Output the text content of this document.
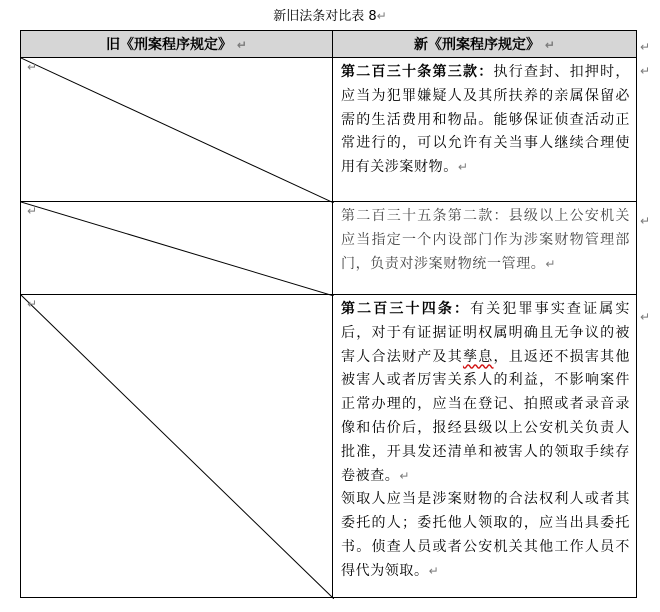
新旧法条对比表 8↵
旧《刑案程序规定》 ↵	新《刑案程序规定》 ↵
↵	第二百三十条第三款：执行查封、扣押时，应当为犯罪嫌疑人及其所扶养的亲属保留必需的生活费用和物品。能够保证侦查活动正常进行的，可以允许有关当事人继续合理使用有关涉案财物。↵
↵	第二百三十五条第二款：县级以上公安机关应当指定一个内设部门作为涉案财物管理部门，负责对涉案财物统一管理。↵
↵	第二百三十四条：有关犯罪事实查证属实后，对于有证据证明权属明确且无争议的被害人合法财产及其孳息，且返还不损害其他被害人或者厉害关系人的利益，不影响案件正常办理的，应当在登记、拍照或者录音录像和估价后，报经县级以上公安机关负责人批准，开具发还清单和被害人的领取手续存卷被查。↵

领取人应当是涉案财物的合法权利人或者其委托的人；委托他人领取的，应当出具委托书。侦查人员或者公安机关其他工作人员不得代为领取。↵

↵
↵
↵
↵
